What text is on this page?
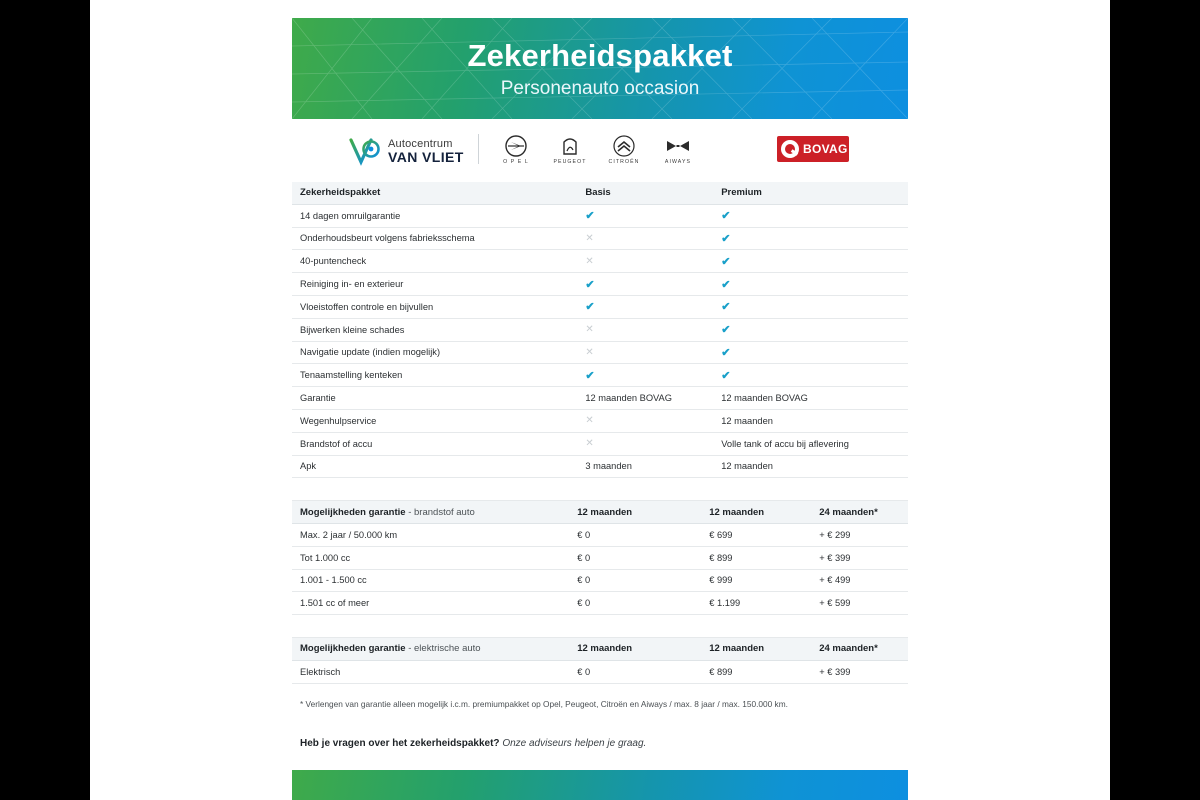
Zekerheidspakket
Personenauto occasion
Autocentrum
VAN VLIET	O P E L	PEUGEOT	CITROËN	AIWAYS
BOVAG
Zekerheidspakket	Basis	Premium
14 dagen omruilgarantie	✔	✔
Onderhoudsbeurt volgens fabrieksschema	✕	✔
40-puntencheck	✕	✔
Reiniging in- en exterieur	✔	✔
Vloeistoffen controle en bijvullen	✔	✔
Bijwerken kleine schades	✕	✔
Navigatie update (indien mogelijk)	✕	✔
Tenaamstelling kenteken	✔	✔
Garantie	12 maanden BOVAG	12 maanden BOVAG
Wegenhulpservice	✕	12 maanden
Brandstof of accu	✕	Volle tank of accu bij aflevering
Apk	3 maanden	12 maanden

Mogelijkheden garantie - brandstof auto	12 maanden	12 maanden	24 maanden*
Max. 2 jaar / 50.000 km	€ 0	€ 699	+ € 299
Tot 1.000 cc	€ 0	€ 899	+ € 399
1.001 - 1.500 cc	€ 0	€ 999	+ € 499
1.501 cc of meer	€ 0	€ 1.199	+ € 599

Mogelijkheden garantie - elektrische auto	12 maanden	12 maanden	24 maanden*
Elektrisch	€ 0	€ 899	+ € 399
* Verlengen van garantie alleen mogelijk i.c.m. premiumpakket op Opel, Peugeot, Citroën en Aiways / max. 8 jaar / max. 150.000 km.
Heb je vragen over het zekerheidspakket? Onze adviseurs helpen je graag.
